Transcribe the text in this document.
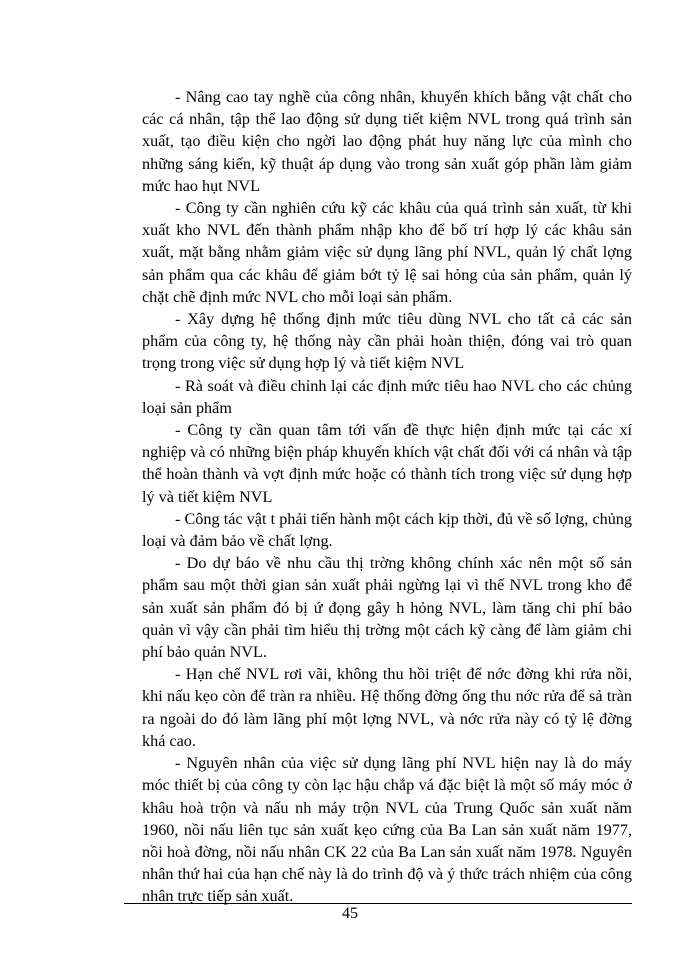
- Nâng cao tay nghề của công nhân, khuyến khích bằng vật chất cho các cá nhân, tập thể lao động sử dụng tiết kiệm NVL trong quá trình sản xuất, tạo điều kiện cho ngời lao động phát huy năng lực của mình cho những sáng kiến, kỹ thuật áp dụng vào trong sản xuất góp phần làm giảm mức hao hụt NVL

- Công ty cần nghiên cứu kỹ các khâu của quá trình sản xuất, từ khi xuất kho NVL đến thành phẩm nhập kho để bố trí hợp lý các khâu sản xuất, mặt bằng nhằm giảm việc sử dụng lãng phí NVL, quản lý chất lợng sản phẩm qua các khâu để giảm bớt tỷ lệ sai hỏng của sản phẩm, quản lý chặt chẽ định mức NVL cho mỗi loại sản phẩm.

- Xây dựng hệ thống định mức tiêu dùng NVL cho tất cả các sản phẩm của công ty, hệ thống này cần phải hoàn thiện, đóng vai trò quan trọng trong việc sử dụng hợp lý và tiết kiệm NVL

- Rà soát và điều chỉnh lại các định mức tiêu hao NVL cho các chủng loại sản phẩm

- Công ty cần quan tâm tới vấn đề thực hiện định mức tại các xí nghiệp và có những biện pháp khuyến khích vật chất đối với cá nhân và tập thể hoàn thành và vợt định mức hoặc có thành tích trong việc sử dụng hợp lý và tiết kiệm NVL

- Công tác vật t phải tiến hành một cách kịp thời, đủ về số lợng, chủng loại và đảm bảo về chất lợng.

- Do dự báo về nhu cầu thị trờng không chính xác nên một số sản phẩm sau một thời gian sản xuất phải ngừng lại vì thế NVL trong kho để sản xuất sản phẩm đó bị ứ đọng gây h hỏng NVL, làm tăng chi phí bảo quản vì vậy cần phải tìm hiểu thị trờng một cách kỹ càng để làm giảm chi phí bảo quản NVL.

- Hạn chế NVL rơi vãi, không thu hồi triệt để nớc đờng khi rửa nồi, khi nấu kẹo còn để tràn ra nhiều. Hệ thống đờng ống thu nớc rửa để sả tràn ra ngoài do đó làm lãng phí một lợng NVL, và nớc rửa này có tỷ lệ đờng khá cao.

- Nguyên nhân của việc sử dụng lãng phí NVL hiện nay là do máy móc thiết bị của công ty còn lạc hậu chắp vá đặc biệt là một số máy móc ở khâu hoà trộn và nấu nh máy trộn NVL của Trung Quốc sản xuất năm 1960, nồi nấu liên tục sản xuất kẹo cứng của Ba Lan sản xuất năm 1977, nồi hoà đờng, nồi nấu nhân CK 22 của Ba Lan sản xuất năm 1978. Nguyên nhân thứ hai của hạn chế này là do trình độ và ý thức trách nhiệm của công nhân trực tiếp sản xuất.

45
